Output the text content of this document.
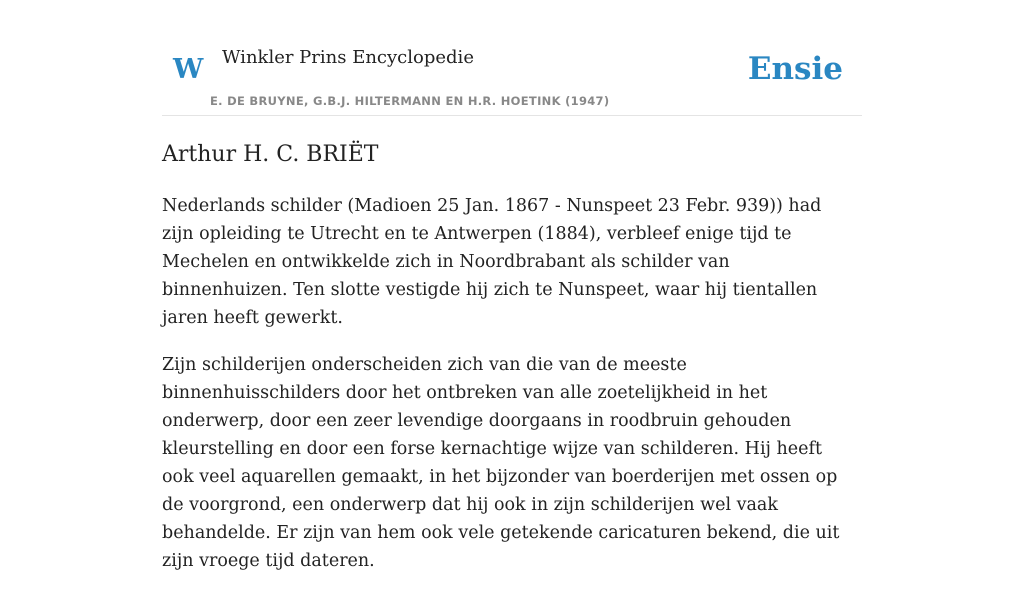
W Winkler Prins Encyclopedie
E. DE BRUYNE, G.B.J. HILTERMANN EN H.R. HOETINK (1947)
Ensie
Arthur H. C. BRIËT

Nederlands schilder (Madioen 25 Jan. 1867 - Nunspeet 23 Febr. 939)) had zijn opleiding te Utrecht en te Antwerpen (1884), verbleef enige tijd te Mechelen en ontwikkelde zich in Noordbrabant als schilder van binnenhuizen. Ten slotte vestigde hij zich te Nunspeet, waar hij tientallen jaren heeft gewerkt.

Zijn schilderijen onderscheiden zich van die van de meeste binnenhuisschilders door het ontbreken van alle zoetelijkheid in het onderwerp, door een zeer levendige doorgaans in roodbruin gehouden kleurstelling en door een forse kernachtige wijze van schilderen. Hij heeft ook veel aquarellen gemaakt, in het bijzonder van boerderijen met ossen op de voorgrond, een onderwerp dat hij ook in zijn schilderijen wel vaak behandelde. Er zijn van hem ook vele getekende caricaturen bekend, die uit zijn vroege tijd dateren.
